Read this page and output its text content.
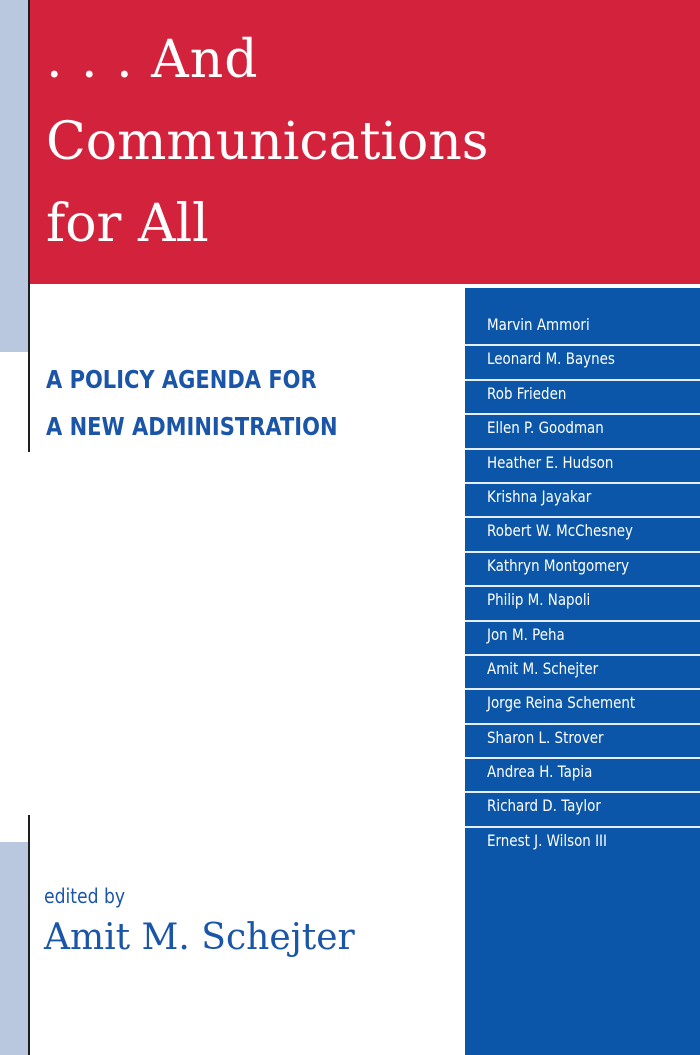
. . . And
Communications
for All

A POLICY AGENDA FOR

A NEW ADMINISTRATION

Marvin Ammori
Leonard M. Baynes
Rob Frieden
Ellen P. Goodman
Heather E. Hudson
Krishna Jayakar
Robert W. McChesney
Kathryn Montgomery
Philip M. Napoli
Jon M. Peha
Amit M. Schejter
Jorge Reina Schement
Sharon L. Strover
Andrea H. Tapia
Richard D. Taylor
Ernest J. Wilson III

edited by

Amit M. Schejter
